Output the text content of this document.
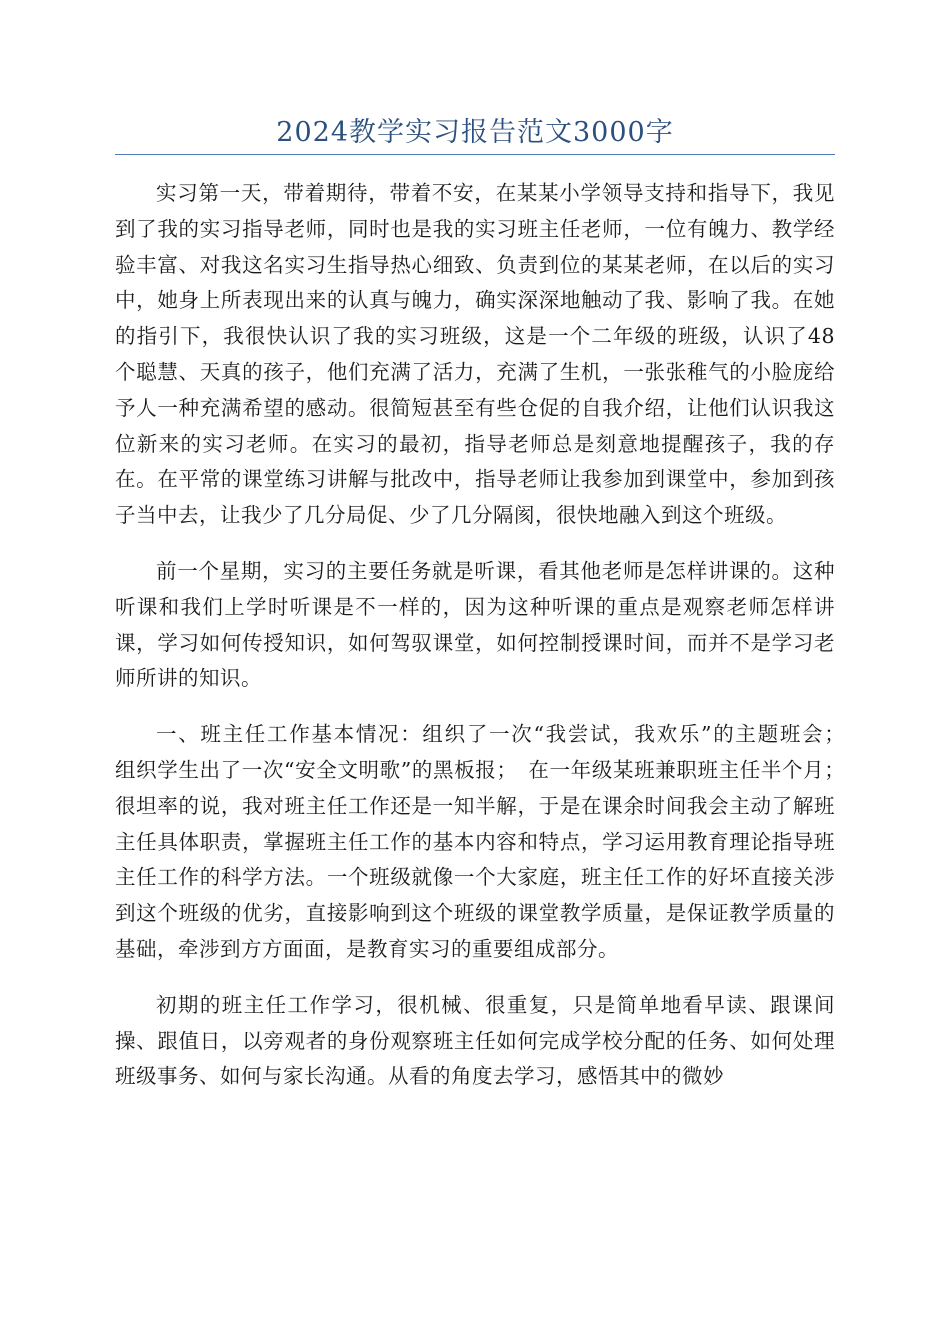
2024教学实习报告范文3000字

实习第一天，带着期待，带着不安，在某某小学领导支持和指导下，我见到了我的实习指导老师，同时也是我的实习班主任老师，一位有魄力、教学经验丰富、对我这名实习生指导热心细致、负责到位的某某老师，在以后的实习中，她身上所表现出来的认真与魄力，确实深深地触动了我、影响了我。在她的指引下，我很快认识了我的实习班级，这是一个二年级的班级，认识了48个聪慧、天真的孩子，他们充满了活力，充满了生机，一张张稚气的小脸庞给予人一种充满希望的感动。很简短甚至有些仓促的自我介绍，让他们认识我这位新来的实习老师。在实习的最初，指导老师总是刻意地提醒孩子，我的存在。在平常的课堂练习讲解与批改中，指导老师让我参加到课堂中，参加到孩子当中去，让我少了几分局促、少了几分隔阂，很快地融入到这个班级。

前一个星期，实习的主要任务就是听课，看其他老师是怎样讲课的。这种听课和我们上学时听课是不一样的，因为这种听课的重点是观察老师怎样讲课，学习如何传授知识，如何驾驭课堂，如何控制授课时间，而并不是学习老师所讲的知识。

一、班主任工作基本情况：组织了一次“我尝试，我欢乐”的主题班会；　组织学生出了一次“安全文明歌”的黑板报；　在一年级某班兼职班主任半个月；　很坦率的说，我对班主任工作还是一知半解，于是在课余时间我会主动了解班主任具体职责，掌握班主任工作的基本内容和特点，学习运用教育理论指导班主任工作的科学方法。一个班级就像一个大家庭，班主任工作的好坏直接关涉到这个班级的优劣，直接影响到这个班级的课堂教学质量，是保证教学质量的基础，牵涉到方方面面，是教育实习的重要组成部分。

初期的班主任工作学习，很机械、很重复，只是简单地看早读、跟课间操、跟值日，以旁观者的身份观察班主任如何完成学校分配的任务、如何处理班级事务、如何与家长沟通。从看的角度去学习，感悟其中的微妙
